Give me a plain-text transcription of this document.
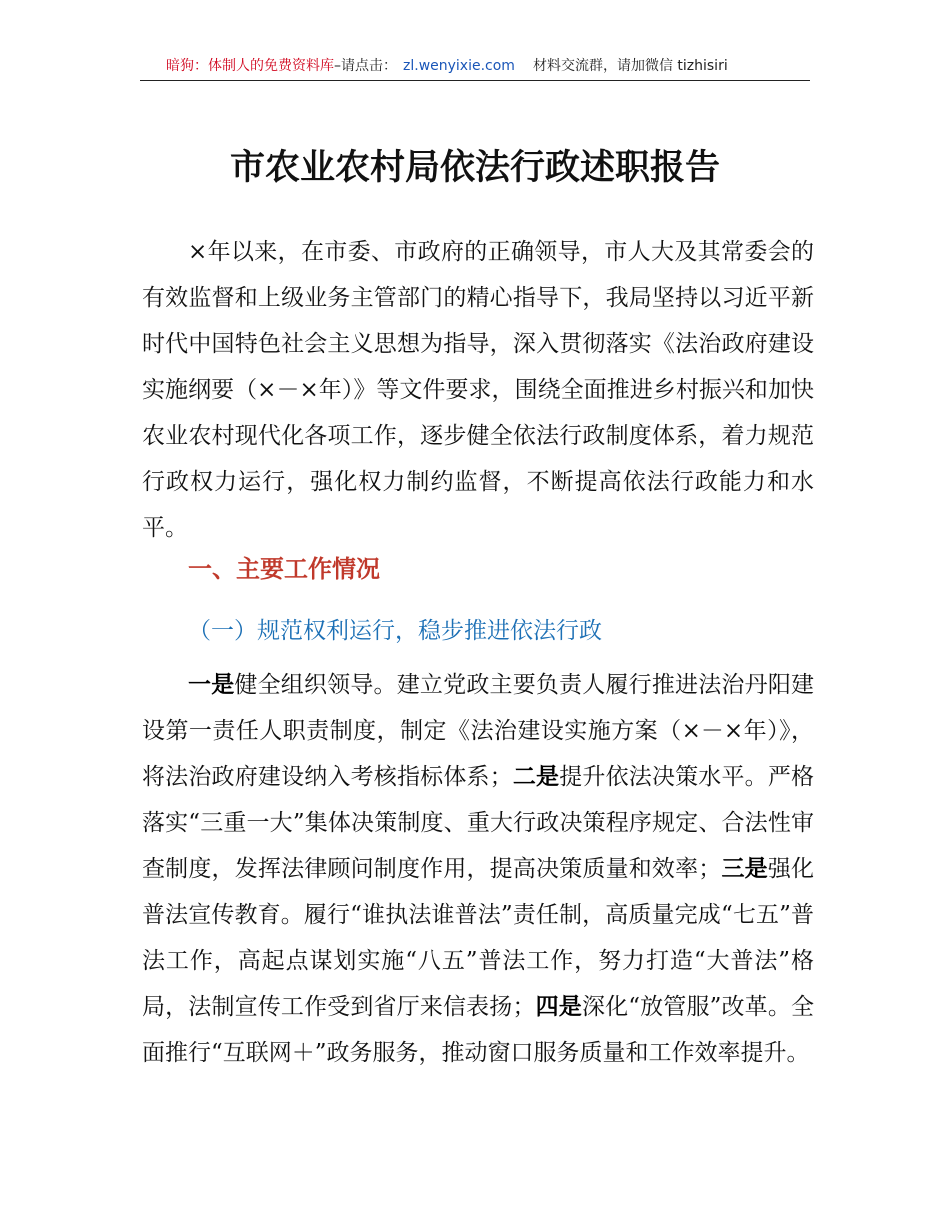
暗狗：体制人的免费资料库–请点击： zl.wenyixie.com 材料交流群，请加微信 tizhisiri
市农业农村局依法行政述职报告

×年以来，在市委、市政府的正确领导，市人大及其常委会的有效监督和上级业务主管部门的精心指导下，我局坚持以习近平新时代中国特色社会主义思想为指导，深入贯彻落实《法治政府建设实施纲要（×－×年）》等文件要求，围绕全面推进乡村振兴和加快农业农村现代化各项工作，逐步健全依法行政制度体系，着力规范行政权力运行，强化权力制约监督，不断提高依法行政能力和水平。

一、主要工作情况
（一）规范权利运行，稳步推进依法行政

一是健全组织领导。建立党政主要负责人履行推进法治丹阳建设第一责任人职责制度，制定《法治建设实施方案（×－×年）》，将法治政府建设纳入考核指标体系；二是提升依法决策水平。严格落实“三重一大”集体决策制度、重大行政决策程序规定、合法性审查制度，发挥法律顾问制度作用，提高决策质量和效率；三是强化普法宣传教育。履行“谁执法谁普法”责任制，高质量完成“七五”普法工作，高起点谋划实施“八五”普法工作，努力打造“大普法”格局，法制宣传工作受到省厅来信表扬；四是深化“放管服”改革。全面推行“互联网＋”政务服务，推动窗口服务质量和工作效率提升。
